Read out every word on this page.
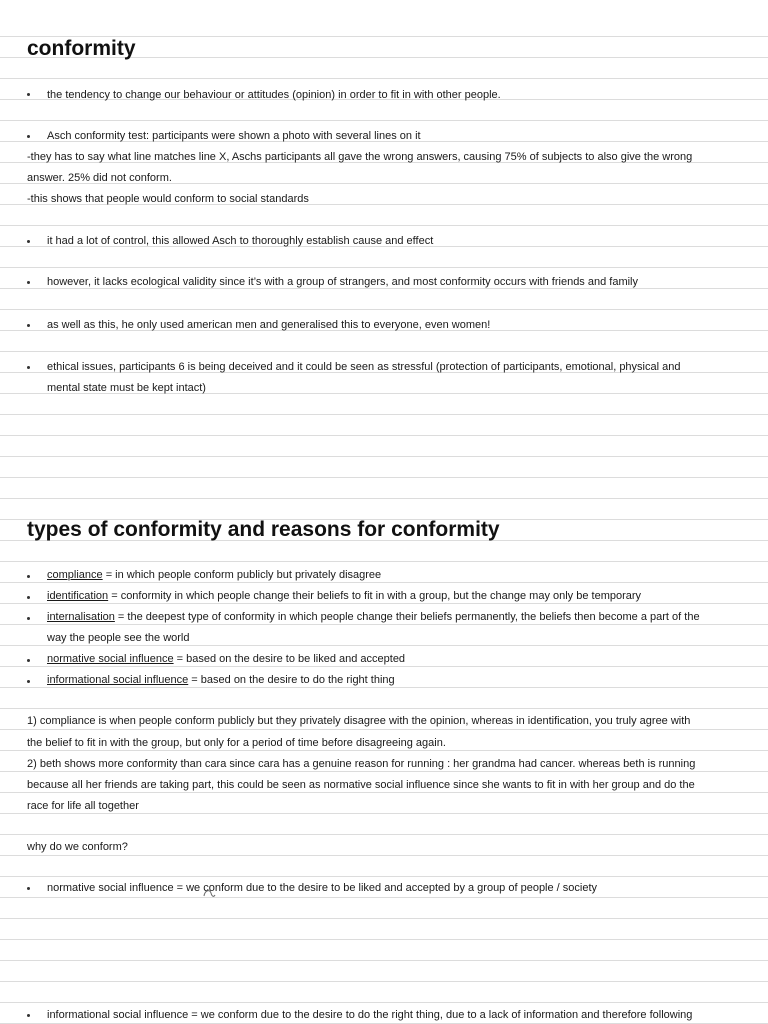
conformity
the tendency to change our behaviour or attitudes (opinion) in order to fit in with other people.
Asch conformity test: participants were shown a photo with several lines on it
-they has to say what line matches line X, Aschs participants all gave the wrong answers, causing 75% of subjects to also give the wrong
answer. 25% did not conform.
-this shows that people would conform to social standards
it had a lot of control, this allowed Asch to thoroughly establish cause and effect
however, it lacks ecological validity since it’s with a group of strangers, and most conformity occurs with friends and family
as well as this, he only used american men and generalised this to everyone, even women!
ethical issues, participants 6 is being deceived and it could be seen as stressful (protection of participants, emotional, physical and
mental state must be kept intact)
types of conformity and reasons for conformity
compliance = in which people conform publicly but privately disagree
identification = conformity in which people change their beliefs to fit in with a group, but the change may only be temporary
internalisation = the deepest type of conformity in which people change their beliefs permanently, the beliefs then become a part of the
way the people see the world
normative social influence = based on the desire to be liked and accepted
informational social influence = based on the desire to do the right thing
1) compliance is when people conform publicly but they privately disagree with the opinion, whereas in identification, you truly agree with
the belief to fit in with the group, but only for a period of time before disagreeing again.
2) beth shows more conformity than cara since cara has a genuine reason for running : her grandma had cancer. whereas beth is running
because all her friends are taking part, this could be seen as normative social influence since she wants to fit in with her group and do the
race for life all together
why do we conform?
normative social influence = we conform due to the desire to be liked and accepted by a group of people / society
informational social influence = we conform due to the desire to do the right thing, due to a lack of information and therefore following
